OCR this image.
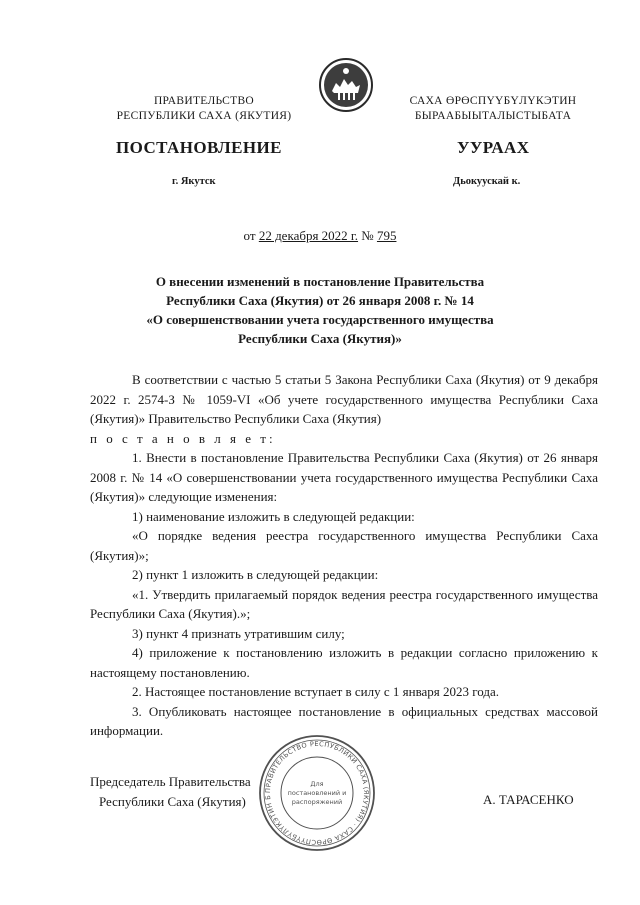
ПРАВИТЕЛЬСТВО
РЕСПУБЛИКИ САХА (ЯКУТИЯ)
САХА ӨРӨСПҮҮБҮЛҮКЭТИН
БЫРААБЫЫТАЛЫСТЫБАТА
ПОСТАНОВЛЕНИЕ	УУРААХ
г. Якутск	Дьокуускай к.
от 22 декабря 2022 г. № 795
О внесении изменений в постановление Правительства
Республики Саха (Якутия) от 26 января 2008 г. № 14
«О совершенствовании учета государственного имущества
Республики Саха (Якутия)»

В соответствии с частью 5 статьи 5 Закона Республики Саха (Якутия) от 9 декабря 2022 г. 2574-З № 1059-VI «Об учете государственного имущества Республики Саха (Якутия)» Правительство Республики Саха (Якутия)

п о с т а н о в л я е т:

1. Внести в постановление Правительства Республики Саха (Якутия) от 26 января 2008 г. № 14 «О совершенствовании учета государственного имущества Республики Саха (Якутия)» следующие изменения:

1) наименование изложить в следующей редакции:

«О порядке ведения реестра государственного имущества Республики Саха (Якутия)»;

2) пункт 1 изложить в следующей редакции:

«1. Утвердить прилагаемый порядок ведения реестра государственного имущества Республики Саха (Якутия).»;

3) пункт 4 признать утратившим силу;

4) приложение к постановлению изложить в редакции согласно приложению к настоящему постановлению.

2. Настоящее постановление вступает в силу с 1 января 2023 года.

3. Опубликовать настоящее постановление в официальных средствах массовой информации.

Председатель Правительства
Республики Саха (Якутия)	А. ТАРАСЕНКО
ПРАВИТЕЛЬСТВО РЕСПУБЛИКИ САХА (ЯКУТИЯ) · САХА ӨРӨСПҮҮБҮЛҮКЭТИН Б
Для
постановлений и
распоряжений
